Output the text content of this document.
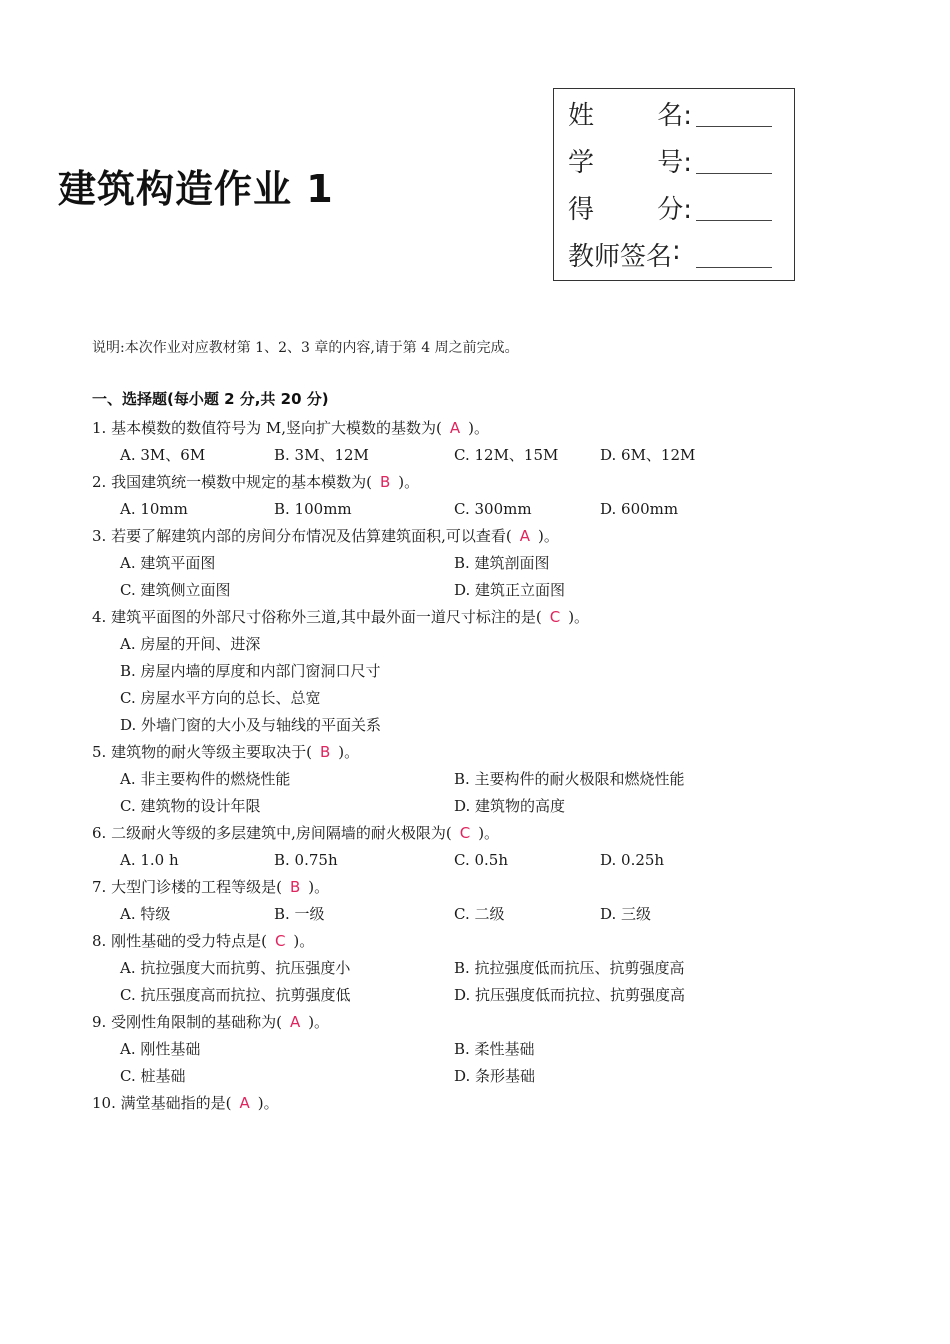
建筑构造作业 1
姓 名:
学 号:
得 分:
教师签名 :
说明:本次作业对应教材第 1、2、3 章的内容,请于第 4 周之前完成。
一、选择题(每小题 2 分,共 20 分)
1. 基本模数的数值符号为 M,竖向扩大模数的基数为( A )。
A. 3M、6M	B. 3M、12M	C. 12M、15M	D. 6M、12M
2. 我国建筑统一模数中规定的基本模数为( B )。
A. 10mm	B. 100mm	C. 300mm	D. 600mm
3. 若要了解建筑内部的房间分布情况及估算建筑面积,可以查看( A )。
A. 建筑平面图	B. 建筑剖面图
C. 建筑侧立面图	D. 建筑正立面图
4. 建筑平面图的外部尺寸俗称外三道,其中最外面一道尺寸标注的是( C )。
A. 房屋的开间、进深
B. 房屋内墙的厚度和内部门窗洞口尺寸
C. 房屋水平方向的总长、总宽
D. 外墙门窗的大小及与轴线的平面关系
5. 建筑物的耐火等级主要取决于( B )。
A. 非主要构件的燃烧性能	B. 主要构件的耐火极限和燃烧性能
C. 建筑物的设计年限	D. 建筑物的高度
6. 二级耐火等级的多层建筑中,房间隔墙的耐火极限为( C )。
A. 1.0 h	B. 0.75h	C. 0.5h	D. 0.25h
7. 大型门诊楼的工程等级是( B )。
A. 特级	B. 一级	C. 二级	D. 三级
8. 刚性基础的受力特点是( C )。
A. 抗拉强度大而抗剪、抗压强度小	B. 抗拉强度低而抗压、抗剪强度高
C. 抗压强度高而抗拉、抗剪强度低	D. 抗压强度低而抗拉、抗剪强度高
9. 受刚性角限制的基础称为( A )。
A. 刚性基础	B. 柔性基础
C. 桩基础	D. 条形基础
10. 满堂基础指的是( A )。
